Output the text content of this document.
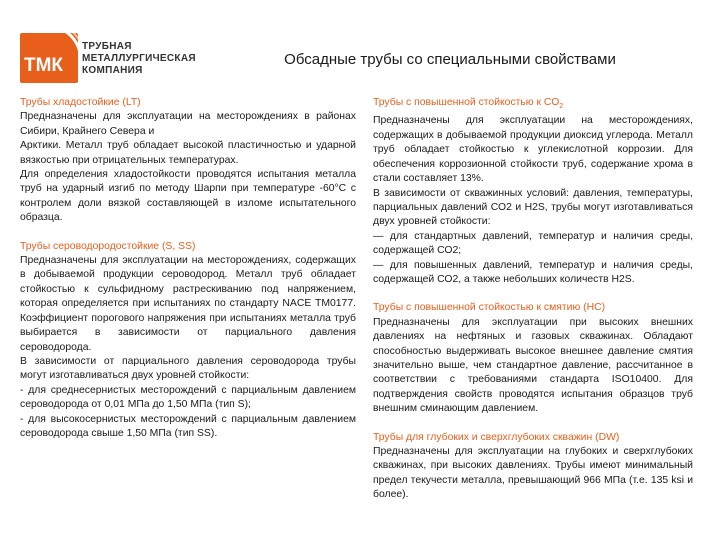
ТМК
ТРУБНАЯ
МЕТАЛЛУРГИЧЕСКАЯ
КОМПАНИЯ
Обсадные трубы со специальными свойствами
Трубы хладостойкие (LT)

Предназначены для эксплуатации на месторождениях в районах Сибири, Крайнего Севера и

Арктики. Металл труб обладает высокой пластичностью и ударной вязкостью при отрицательных температурах.

Для определения хладостойкости проводятся испытания металла труб на ударный изгиб по методу Шарпи при температуре -60°С с контролем доли вязкой составляющей в изломе испытательного образца.

Трубы сероводородостойкие (S, SS)

Предназначены для эксплуатации на месторождениях, содержащих в добываемой продукции сероводород. Металл труб обладает стойкостью к сульфидному растрескиванию под напряжением, которая определяется при испытаниях по стандарту NACE TM0177. Коэффициент порогового напряжения при испытаниях металла труб выбирается в зависимости от парциального давления сероводорода.

В зависимости от парциального давления сероводорода трубы могут изготавливаться двух уровней стойкости:

- для среднесернистых месторождений с парциальным давлением сероводорода от 0,01 МПа до 1,50 МПа (тип S);

- для высокосернистых месторождений с парциальным давлением сероводорода свыше 1,50 МПа (тип SS).

Трубы с повышенной стойкостью к $СО_2$

Предназначены для эксплуатации на месторождениях, содержащих в добываемой продукции диоксид углерода. Металл труб обладает стойкостью к углекислотной коррозии. Для обеспечения коррозионной стойкости труб, содержание хрома в стали составляет 13%.

В зависимости от скважинных условий: давления, температуры, парциальных давлений СО2 и H2S, трубы могут изготавливаться двух уровней стойкости:

— для стандартных давлений, температур и наличия среды, содержащей СО2;

— для повышенных давлений, температур и наличия среды, содержащей СО2, а также небольших количеств H2S.

Трубы с повышенной стойкостью к смятию (НС)

Предназначены для эксплуатации при высоких внешних давлениях на нефтяных и газовых скважинах. Обладают способностью выдерживать высокое внешнее давление смятия значительно выше, чем стандартное давление, рассчитанное в соответствии с требованиями стандарта ISO10400. Для подтверждения свойств проводятся испытания образцов труб внешним сминающим давлением.

Трубы для глубоких и сверхглубоких скважин (DW)

Предназначены для эксплуатации на глубоких и сверхглубоких скважинах, при высоких давлениях. Трубы имеют минимальный предел текучести металла, превышающий 966 МПа (т.е. 135 ksi и более).
